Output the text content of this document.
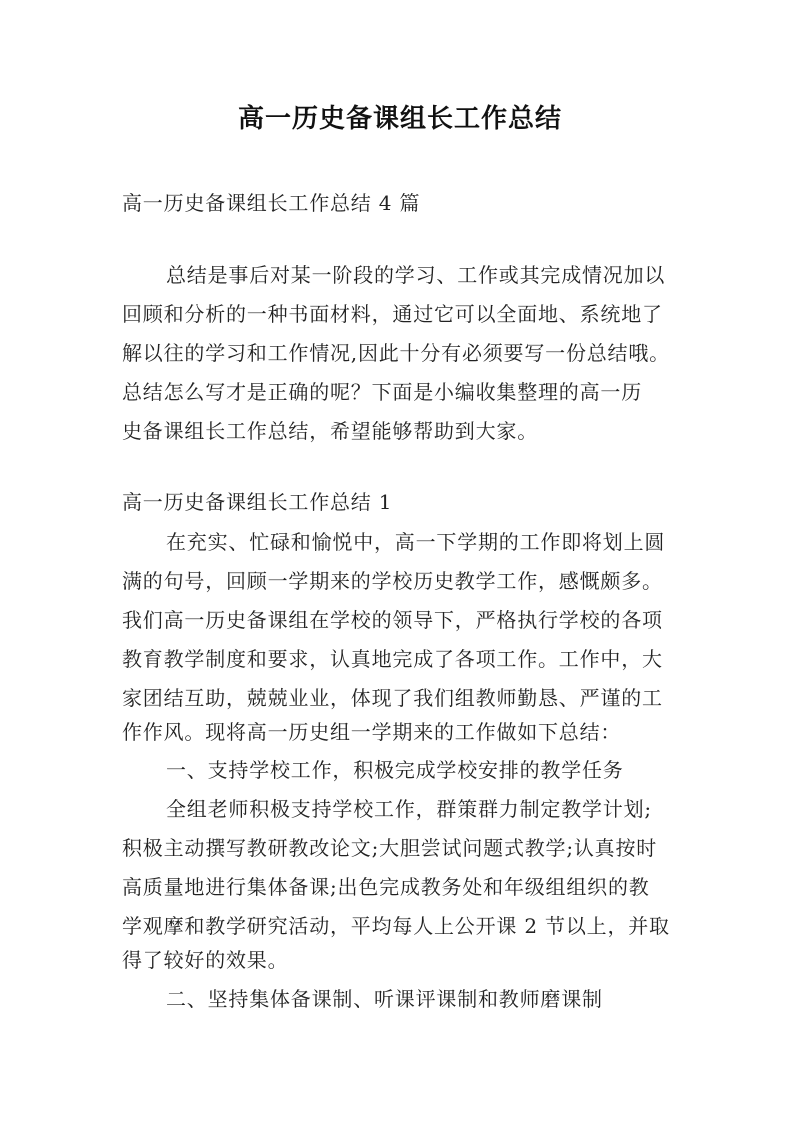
高一历史备课组长工作总结
高一历史备课组长工作总结 4 篇
总结是事后对某一阶段的学习、工作或其完成情况加以
回顾和分析的一种书面材料，通过它可以全面地、系统地了
解以往的学习和工作情况,因此十分有必须要写一份总结哦。
总结怎么写才是正确的呢？下面是小编收集整理的高一历
史备课组长工作总结，希望能够帮助到大家。
高一历史备课组长工作总结 1
在充实、忙碌和愉悦中，高一下学期的工作即将划上圆
满的句号，回顾一学期来的学校历史教学工作，感慨颇多。
我们高一历史备课组在学校的领导下，严格执行学校的各项
教育教学制度和要求，认真地完成了各项工作。工作中，大
家团结互助，兢兢业业，体现了我们组教师勤恳、严谨的工
作作风。现将高一历史组一学期来的工作做如下总结：
一、支持学校工作，积极完成学校安排的教学任务
全组老师积极支持学校工作，群策群力制定教学计划;
积极主动撰写教研教改论文;大胆尝试问题式教学;认真按时
高质量地进行集体备课;出色完成教务处和年级组组织的教
学观摩和教学研究活动，平均每人上公开课 2 节以上，并取
得了较好的效果。
二、坚持集体备课制、听课评课制和教师磨课制
